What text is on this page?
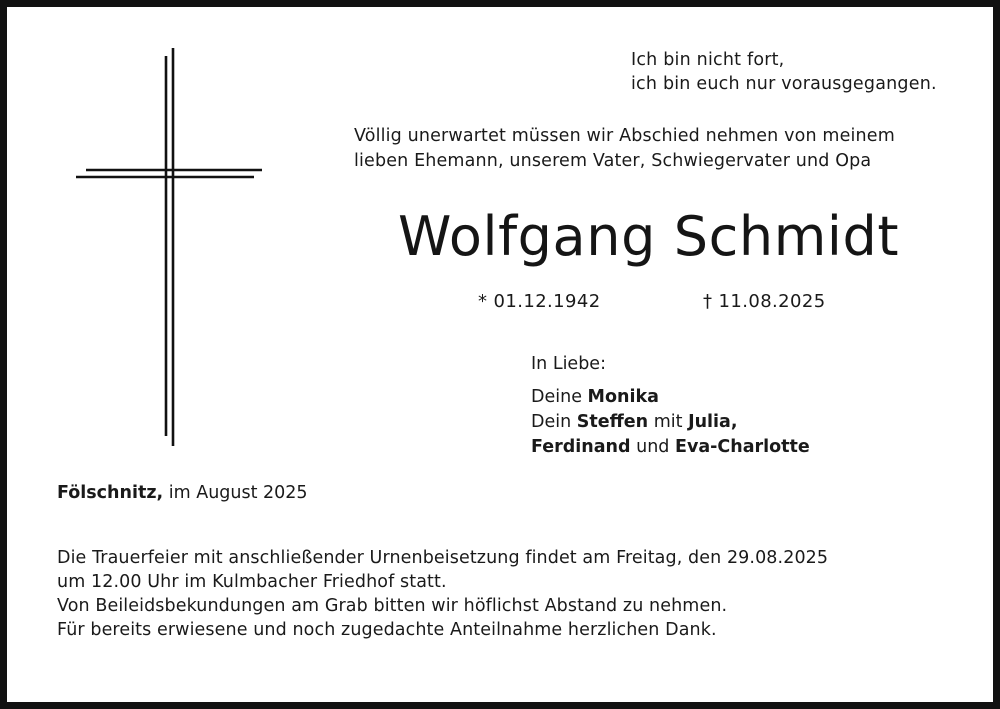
Ich bin nicht fort,
ich bin euch nur vorausgegangen.
Völlig unerwartet müssen wir Abschied nehmen von meinem
lieben Ehemann, unserem Vater, Schwiegervater und Opa
Wolfgang Schmidt
* 01.12.1942	† 11.08.2025
In Liebe:
Deine Monika
Dein Steffen mit Julia,
Ferdinand und Eva-Charlotte
Fölschnitz, im August 2025
Die Trauerfeier mit anschließender Urnenbeisetzung findet am Freitag, den 29.08.2025
um 12.00 Uhr im Kulmbacher Friedhof statt.
Von Beileidsbekundungen am Grab bitten wir höflichst Abstand zu nehmen.
Für bereits erwiesene und noch zugedachte Anteilnahme herzlichen Dank.
